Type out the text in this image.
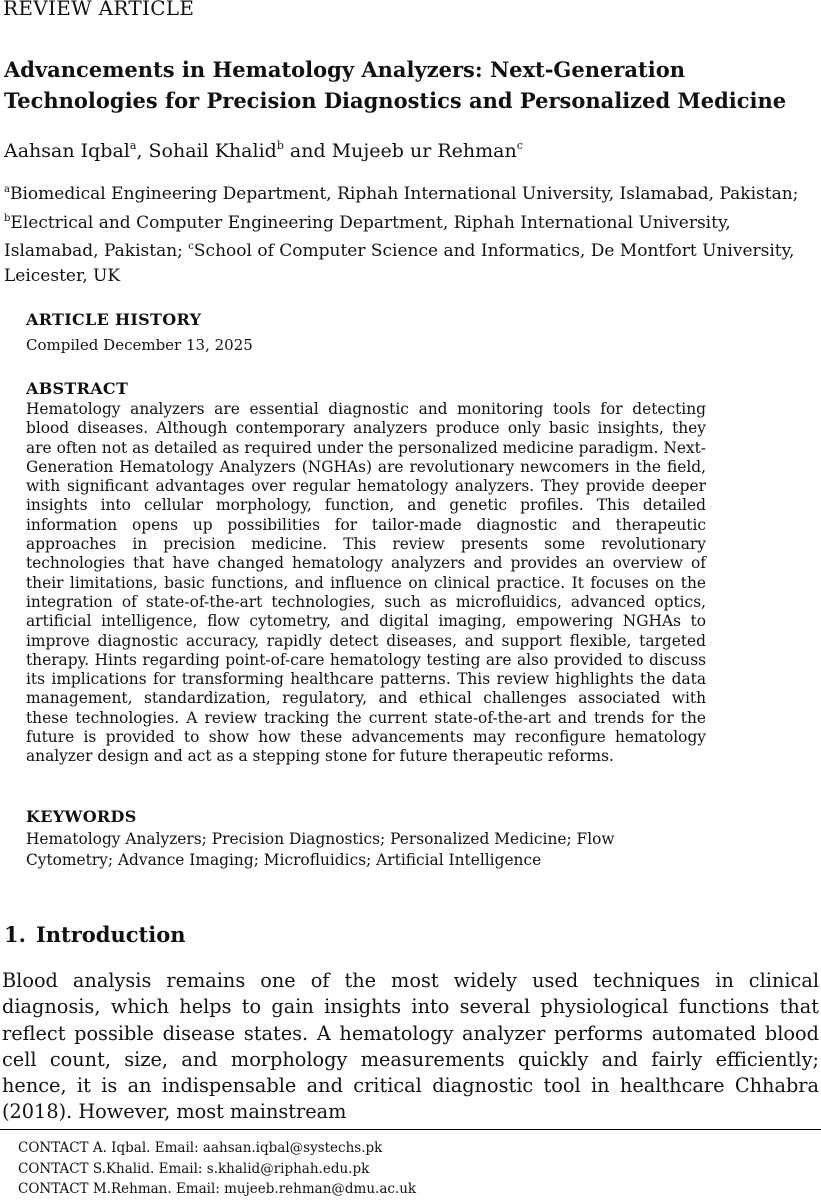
REVIEW ARTICLE
Advancements in Hematology Analyzers: Next-Generation Technologies for Precision Diagnostics and Personalized Medicine
Aahsan Iqbal$^a$, Sohail Khalid$^b$ and Mujeeb ur Rehman$^c$
$^a$Biomedical Engineering Department, Riphah International University, Islamabad, Pakistan; $^b$Electrical and Computer Engineering Department, Riphah International University, Islamabad, Pakistan; $^c$School of Computer Science and Informatics, De Montfort University, Leicester, UK
ARTICLE HISTORY
Compiled December 13, 2025
ABSTRACT

Hematology analyzers are essential diagnostic and monitoring tools for detecting blood diseases. Although contemporary analyzers produce only basic insights, they are often not as detailed as required under the personalized medicine paradigm. Next-Generation Hematology Analyzers (NGHAs) are revolutionary newcomers in the field, with significant advantages over regular hematology analyzers. They provide deeper insights into cellular morphology, function, and genetic profiles. This detailed information opens up possibilities for tailor-made diagnostic and therapeutic approaches in precision medicine. This review presents some revolutionary technologies that have changed hematology analyzers and provides an overview of their limitations, basic functions, and influence on clinical practice. It focuses on the integration of state-of-the-art technologies, such as microfluidics, advanced optics, artificial intelligence, flow cytometry, and digital imaging, empowering NGHAs to improve diagnostic accuracy, rapidly detect diseases, and support flexible, targeted therapy. Hints regarding point-of-care hematology testing are also provided to discuss its implications for transforming healthcare patterns. This review highlights the data management, standardization, regulatory, and ethical challenges associated with these technologies. A review tracking the current state-of-the-art and trends for the future is provided to show how these advancements may reconfigure hematology analyzer design and act as a stepping stone for future therapeutic reforms.

KEYWORDS

Hematology Analyzers; Precision Diagnostics; Personalized Medicine; Flow Cytometry; Advance Imaging; Microfluidics; Artificial Intelligence

1. Introduction

Blood analysis remains one of the most widely used techniques in clinical diagnosis, which helps to gain insights into several physiological functions that reflect possible disease states. A hematology analyzer performs automated blood cell count, size, and morphology measurements quickly and fairly efficiently; hence, it is an indispensable and critical diagnostic tool in healthcare Chhabra (2018). However, most mainstream

CONTACT A. Iqbal. Email: aahsan.iqbal@systechs.pk
CONTACT S.Khalid. Email: s.khalid@riphah.edu.pk
CONTACT M.Rehman. Email: mujeeb.rehman@dmu.ac.uk
